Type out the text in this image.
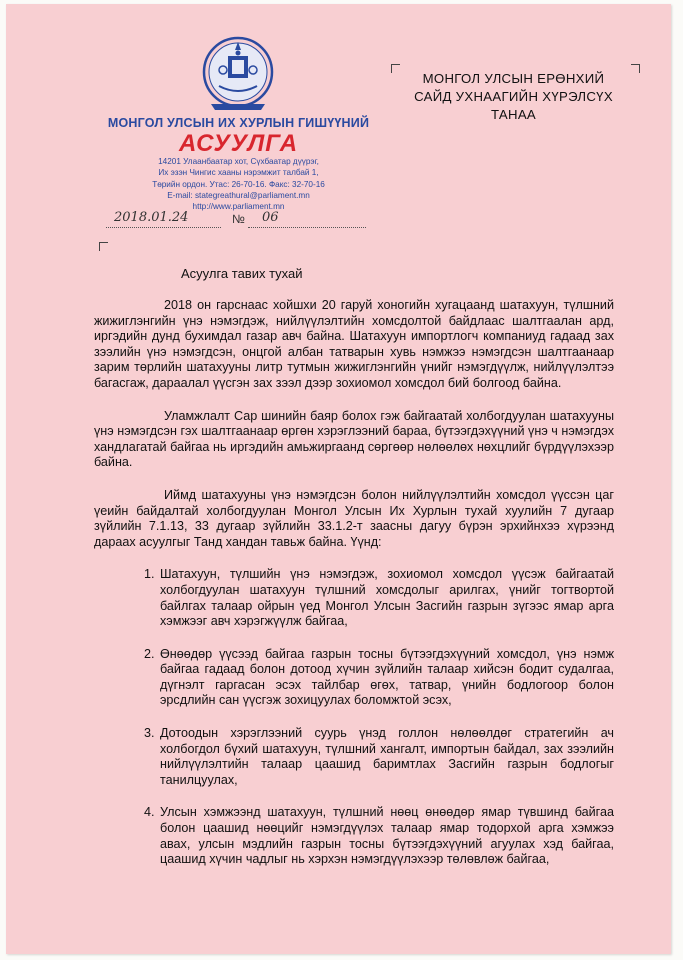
МОНГОЛ УЛСЫН ИХ ХУРЛЫН ГИШҮҮНИЙ
АСУУЛГА
14201 Улаанбаатар хот, Сүхбаатар дүүрэг,
Их эзэн Чингис хааны нэрэмжит талбай 1,
Төрийн ордон. Утас: 26-70-16. Факс: 32-70-16
E-mail: stategreathural@parliament.mn
http://www.parliament.mn
2018.01.24	№ 06
МОНГОЛ УЛСЫН ЕРӨНХИЙ
САЙД УХНААГИЙН ХҮРЭЛСҮХ
ТАНАА
Асуулга тавих тухай

2018 он гарснаас хойшхи 20 гаруй хоногийн хугацаанд шатахуун, түлшний жижиглэнгийн үнэ нэмэгдэж, нийлүүлэлтийн хомсдолтой байдлаас шалтгаалан ард, иргэдийн дунд бухимдал газар авч байна. Шатахуун импортлогч компаниуд гадаад зах зээлийн үнэ нэмэгдсэн, онцгой албан татварын хувь нэмжээ нэмэгдсэн шалтгаанаар зарим төрлийн шатахууны литр тутмын жижиглэнгийн үнийг нэмэгдүүлж, нийлүүлэлтээ багасгаж, дараалал үүсгэн зах зээл дээр зохиомол хомсдол бий болгоод байна.

Уламжлалт Сар шинийн баяр болох гэж байгаатай холбогдуулан шатахууны үнэ нэмэгдсэн гэх шалтгаанаар өргөн хэрэглээний бараа, бүтээгдэхүүний үнэ ч нэмэгдэх хандлагатай байгаа нь иргэдийн амьжиргаанд сөргөөр нөлөөлөх нөхцлийг бүрдүүлэхээр байна.

Иймд шатахууны үнэ нэмэгдсэн болон нийлүүлэлтийн хомсдол үүссэн цаг үеийн байдалтай холбогдуулан Монгол Улсын Их Хурлын тухай хуулийн 7 дугаар зүйлийн 7.1.13, 33 дугаар зүйлийн 33.1.2-т заасны дагуу бүрэн эрхийнхээ хүрээнд дараах асуулгыг Танд хандан тавьж байна. Үүнд:

1. Шатахуун, түлшийн үнэ нэмэгдэж, зохиомол хомсдол үүсэж байгаатай холбогдуулан шатахуун түлшний хомсдолыг арилгах, үнийг тогтвортой байлгах талаар ойрын үед Монгол Улсын Засгийн газрын зүгээс ямар арга хэмжээг авч хэрэгжүүлж байгаа,
2. Өнөөдөр үүсээд байгаа газрын тосны бүтээгдэхүүний хомсдол, үнэ нэмж байгаа гадаад болон дотоод хүчин зүйлийн талаар хийсэн бодит судалгаа, дүгнэлт гаргасан эсэх тайлбар өгөх, татвар, үнийн бодлогоор болон эрсдлийн сан үүсгэж зохицуулах боломжтой эсэх,
3. Дотоодын хэрэглээний суурь үнэд голлон нөлөөлдөг стратегийн ач холбогдол бүхий шатахуун, түлшний хангалт, импортын байдал, зах зээлийн нийлүүлэлтийн талаар цаашид баримтлах Засгийн газрын бодлогыг танилцуулах,
4. Улсын хэмжээнд шатахуун, түлшний нөөц өнөөдөр ямар түвшинд байгаа болон цаашид нөөцийг нэмэгдүүлэх талаар ямар тодорхой арга хэмжээ авах, улсын мэдлийн газрын тосны бүтээгдэхүүний агуулах хэд байгаа, цаашид хүчин чадлыг нь хэрхэн нэмэгдүүлэхээр төлөвлөж байгаа,
